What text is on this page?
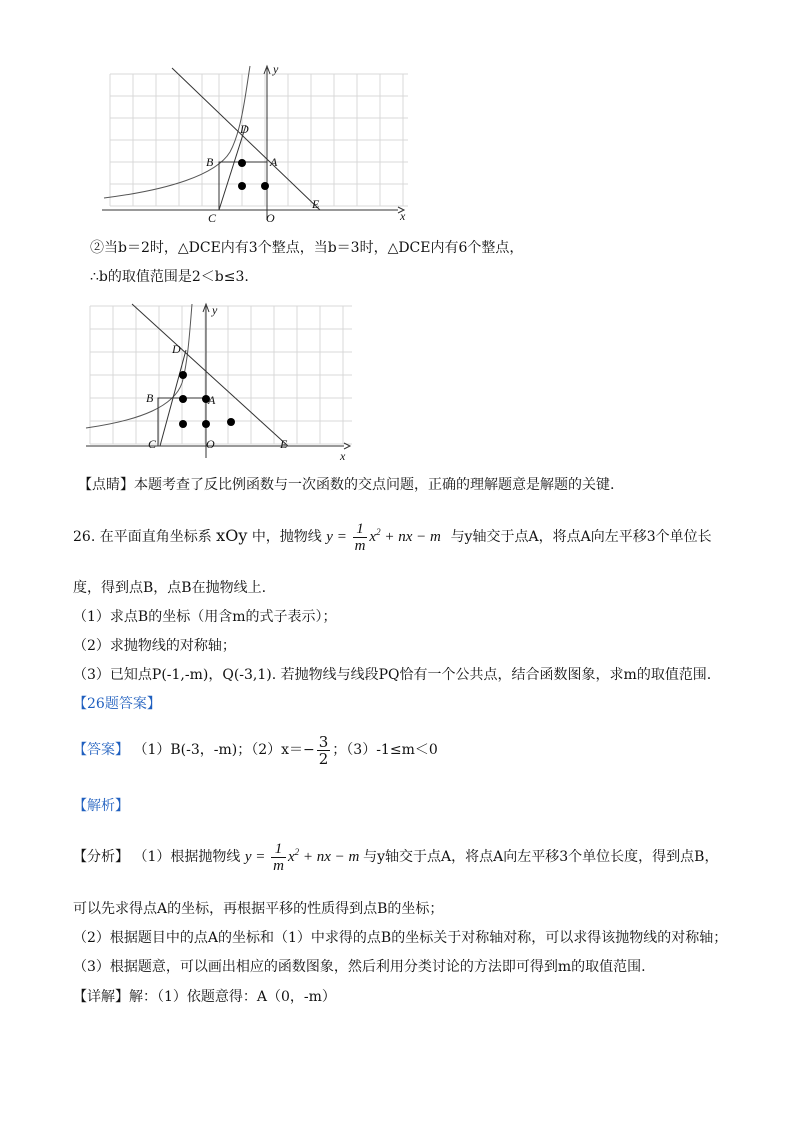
y
x
D
B	A
C	O
E
②当b＝2时，△DCE内有3个整点，当b＝3时，△DCE内有6个整点，
∴b的取值范围是2＜b≤3.
y
x
D
B	A
C	O	E
【点睛】本题考查了反比例函数与一次函数的交点问题，正确的理解题意是解题的关键.
26. 在平面直角坐标系 xOy 中，抛物线 $y = \frac{1}{m} x^2$ + nx − m 与y轴交于点A，将点A向左平移3个单位长
度，得到点B，点B在抛物线上.
（1）求点B的坐标（用含m的式子表示）；
（2）求抛物线的对称轴；
（3）已知点P(-1,-m)，Q(-3,1). 若抛物线与线段PQ恰有一个公共点，结合函数图象，求m的取值范围.
【26题答案】
【答案】 （1）B(-3，-m)；$(2)x=- \frac{3}{2}$ ；（3）-1≤m＜0
【解析】
【分析】 （1）根据抛物线 $y = \frac{1}{m} x^2$ + nx − m 与y轴交于点A，将点A向左平移3个单位长度，得到点B，
可以先求得点A的坐标，再根据平移的性质得到点B的坐标；
（2）根据题目中的点A的坐标和（1）中求得的点B的坐标关于对称轴对称，可以求得该抛物线的对称轴；
（3）根据题意，可以画出相应的函数图象，然后利用分类讨论的方法即可得到m的取值范围.
【详解】解：（1）依题意得：A（0，-m）
